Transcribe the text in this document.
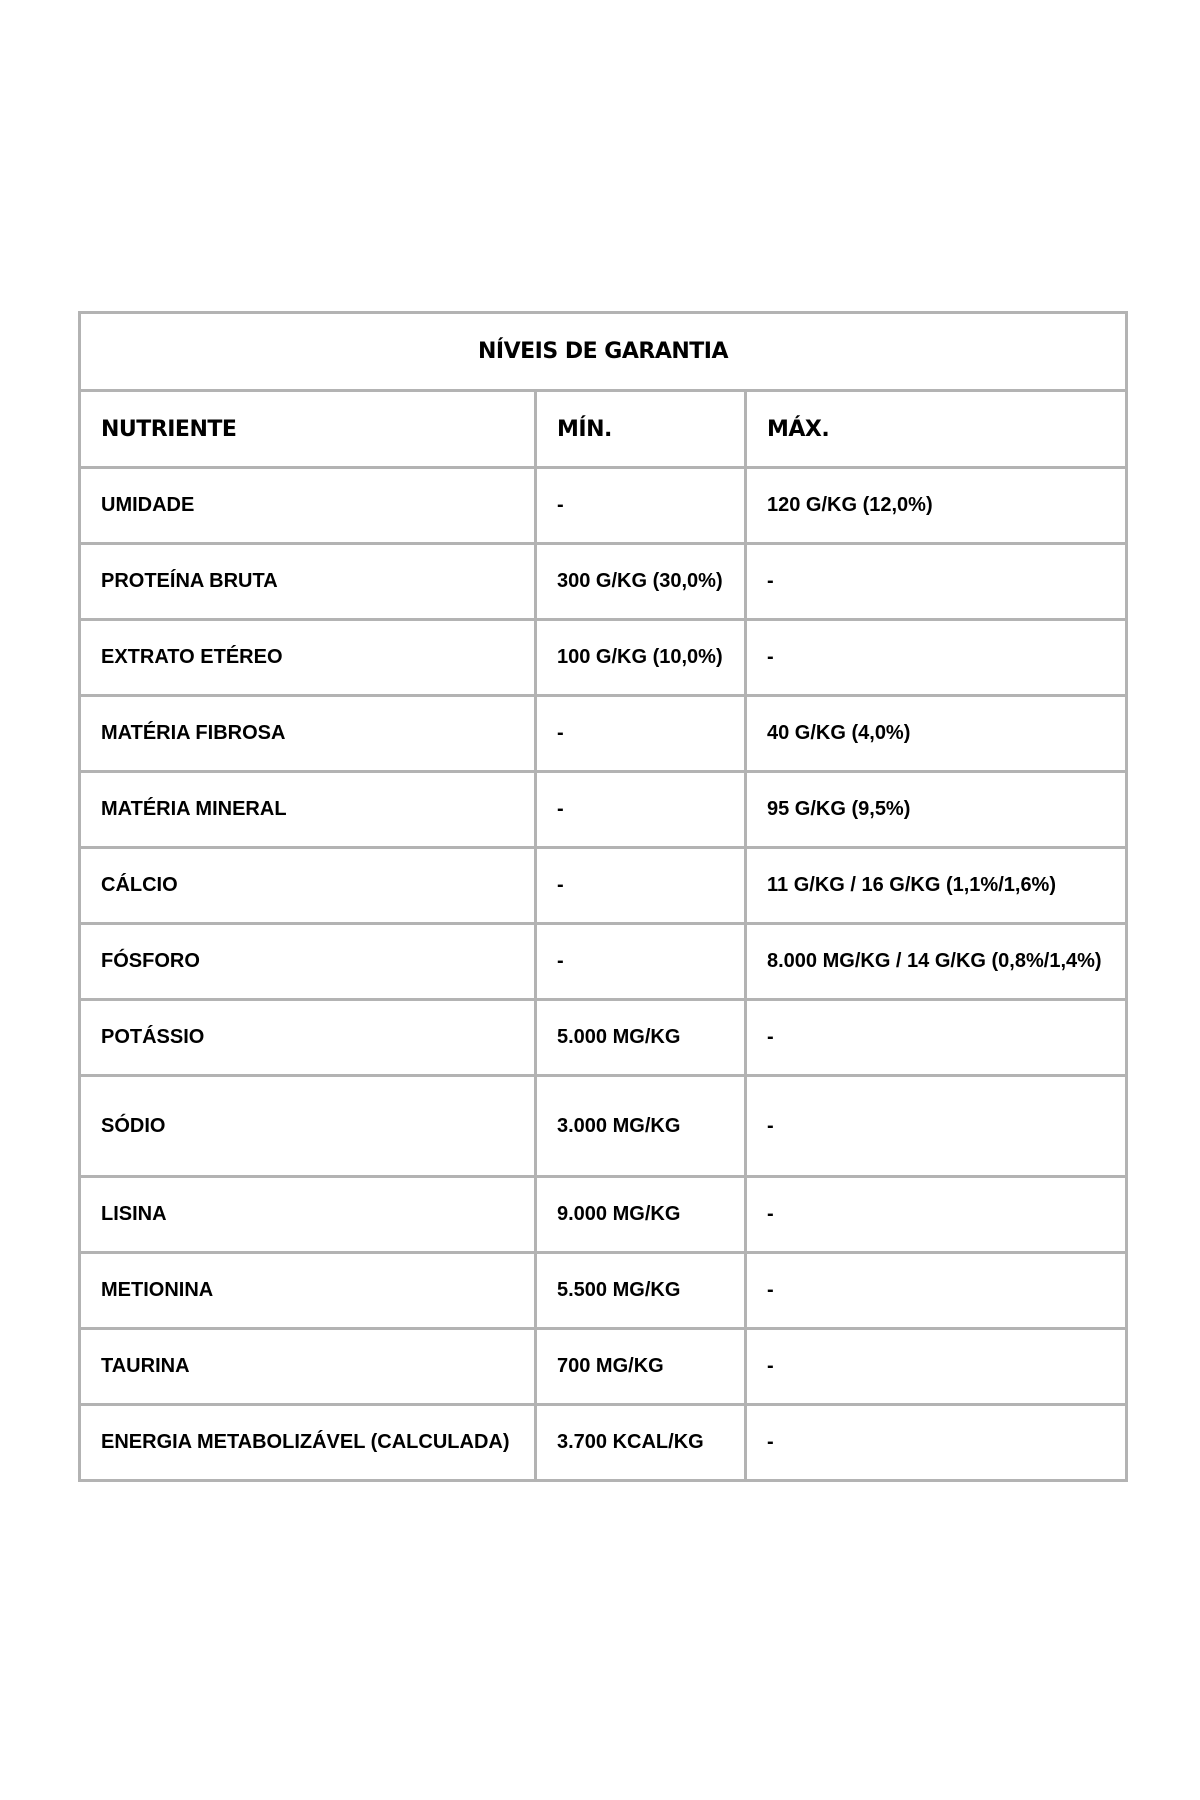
NÍVEIS DE GARANTIA		
NUTRIENTE	MÍN.	MÁX.
UMIDADE	-	120 G/KG (12,0%)
PROTEÍNA BRUTA	300 G/KG (30,0%)	-
EXTRATO ETÉREO	100 G/KG (10,0%)	-
MATÉRIA FIBROSA	-	40 G/KG (4,0%)
MATÉRIA MINERAL	-	95 G/KG (9,5%)
CÁLCIO	-	11 G/KG / 16 G/KG (1,1%/1,6%)
FÓSFORO	-	8.000 MG/KG / 14 G/KG (0,8%/1,4%)
POTÁSSIO	5.000 MG/KG	-
SÓDIO	3.000 MG/KG	-
LISINA	9.000 MG/KG	-
METIONINA	5.500 MG/KG	-
TAURINA	700 MG/KG	-
ENERGIA METABOLIZÁVEL (CALCULADA)	3.700 KCAL/KG	-
